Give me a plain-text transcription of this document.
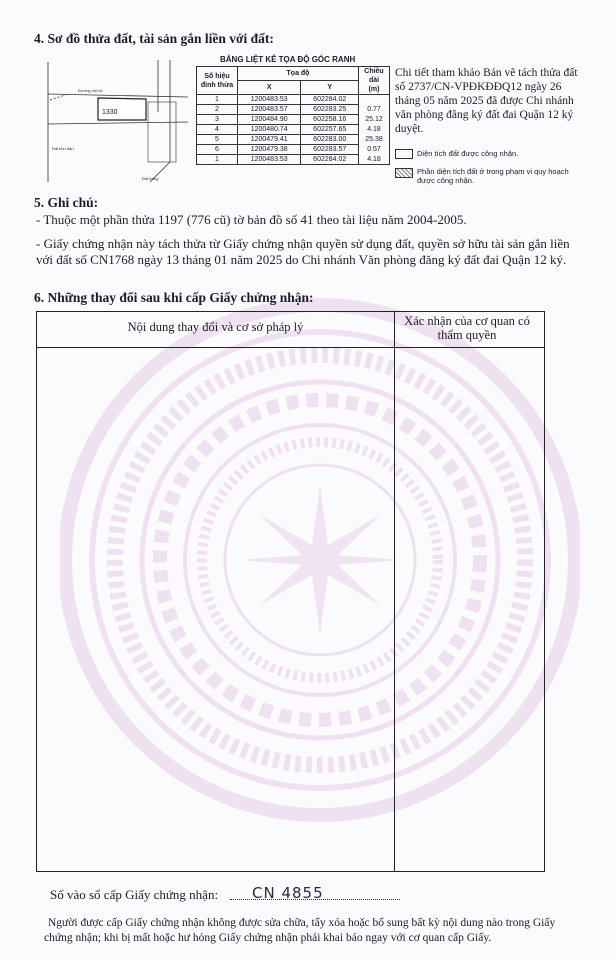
4. Sơ đồ thửa đất, tài sản gắn liền với đất:
1330
Đường nội bộ
Đất trống
Đất khu dân
BẢNG LIỆT KÊ TỌA ĐỘ GÓC RANH
Số hiệu
đỉnh thửa	Tọa độ		Chiều dài
(m)
	X	Y	
1	1200483.53	602284.02	
2	1200483.57	602283.25	0.77
3	1200484.90	602258.16	25.12
4	1200480.74	602257.65	4.18
5	1200479.41	602283.00	25.38
6	1200479.38	602283.57	0.57
1	1200483.53	602284.02	4.18
Chi tiết tham khảo Bản vẽ tách thửa đất số 2737/CN-VPĐKĐĐQ12 ngày 26 tháng 05 năm 2025 đã được Chi nhánh văn phòng đăng ký đất đai Quận 12 ký duyệt.
Diện tích đất được công nhận.
Phần diện tích đất ở trong phạm vi quy hoạch được công nhận.
5. Ghi chú:
- Thuộc một phần thửa 1197 (776 cũ) tờ bản đồ số 41 theo tài liệu năm 2004-2005.
- Giấy chứng nhận này tách thửa từ Giấy chứng nhận quyền sử dụng đất, quyền sở hữu tài sản gắn liền với đất số CN1768 ngày 13 tháng 01 năm 2025 do Chi nhánh Văn phòng đăng ký đất đai Quận 12 ký.
6. Những thay đổi sau khi cấp Giấy chứng nhận:
Nội dung thay đổi và cơ sở pháp lý	Xác nhận của cơ quan có thẩm quyền
Số vào sổ cấp Giấy chứng nhận: CN 4855
Người được cấp Giấy chứng nhận không được sửa chữa, tẩy xóa hoặc bổ sung bất kỳ nội dung nào trong Giấy chứng nhận; khi bị mất hoặc hư hỏng Giấy chứng nhận phải khai báo ngay với cơ quan cấp Giấy.
